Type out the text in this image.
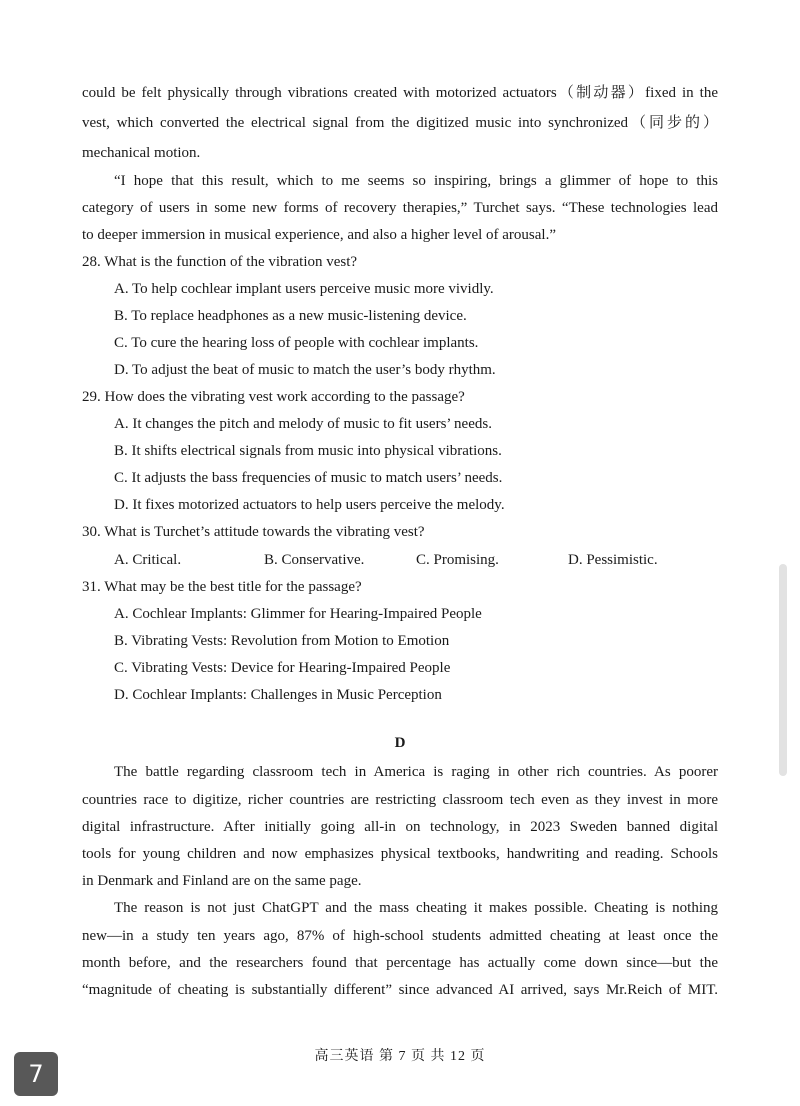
could be felt physically through vibrations created with motorized actuators（制动器）fixed in the
vest, which converted the electrical signal from the digitized music into synchronized（同步的）
mechanical motion.
“I hope that this result, which to me seems so inspiring, brings a glimmer of hope to this
category of users in some new forms of recovery therapies,” Turchet says. “These technologies lead
to deeper immersion in musical experience, and also a higher level of arousal.”
28. What is the function of the vibration vest?
A. To help cochlear implant users perceive music more vividly.
B. To replace headphones as a new music-listening device.
C. To cure the hearing loss of people with cochlear implants.
D. To adjust the beat of music to match the user’s body rhythm.
29. How does the vibrating vest work according to the passage?
A. It changes the pitch and melody of music to fit users’ needs.
B. It shifts electrical signals from music into physical vibrations.
C. It adjusts the bass frequencies of music to match users’ needs.
D. It fixes motorized actuators to help users perceive the melody.
30. What is Turchet’s attitude towards the vibrating vest?
A. Critical.	B. Conservative.	C. Promising.	D. Pessimistic.
31. What may be the best title for the passage?
A. Cochlear Implants: Glimmer for Hearing-Impaired People
B. Vibrating Vests: Revolution from Motion to Emotion
C. Vibrating Vests: Device for Hearing-Impaired People
D. Cochlear Implants: Challenges in Music Perception
D
The battle regarding classroom tech in America is raging in other rich countries. As poorer
countries race to digitize, richer countries are restricting classroom tech even as they invest in more
digital infrastructure. After initially going all-in on technology, in 2023 Sweden banned digital
tools for young children and now emphasizes physical textbooks, handwriting and reading. Schools
in Denmark and Finland are on the same page.
The reason is not just ChatGPT and the mass cheating it makes possible. Cheating is nothing
new—in a study ten years ago, 87% of high-school students admitted cheating at least once the
month before, and the researchers found that percentage has actually come down since—but the
“magnitude of cheating is substantially different” since advanced AI arrived, says Mr.Reich of MIT.
高三英语 第 7 页 共 12 页
7
